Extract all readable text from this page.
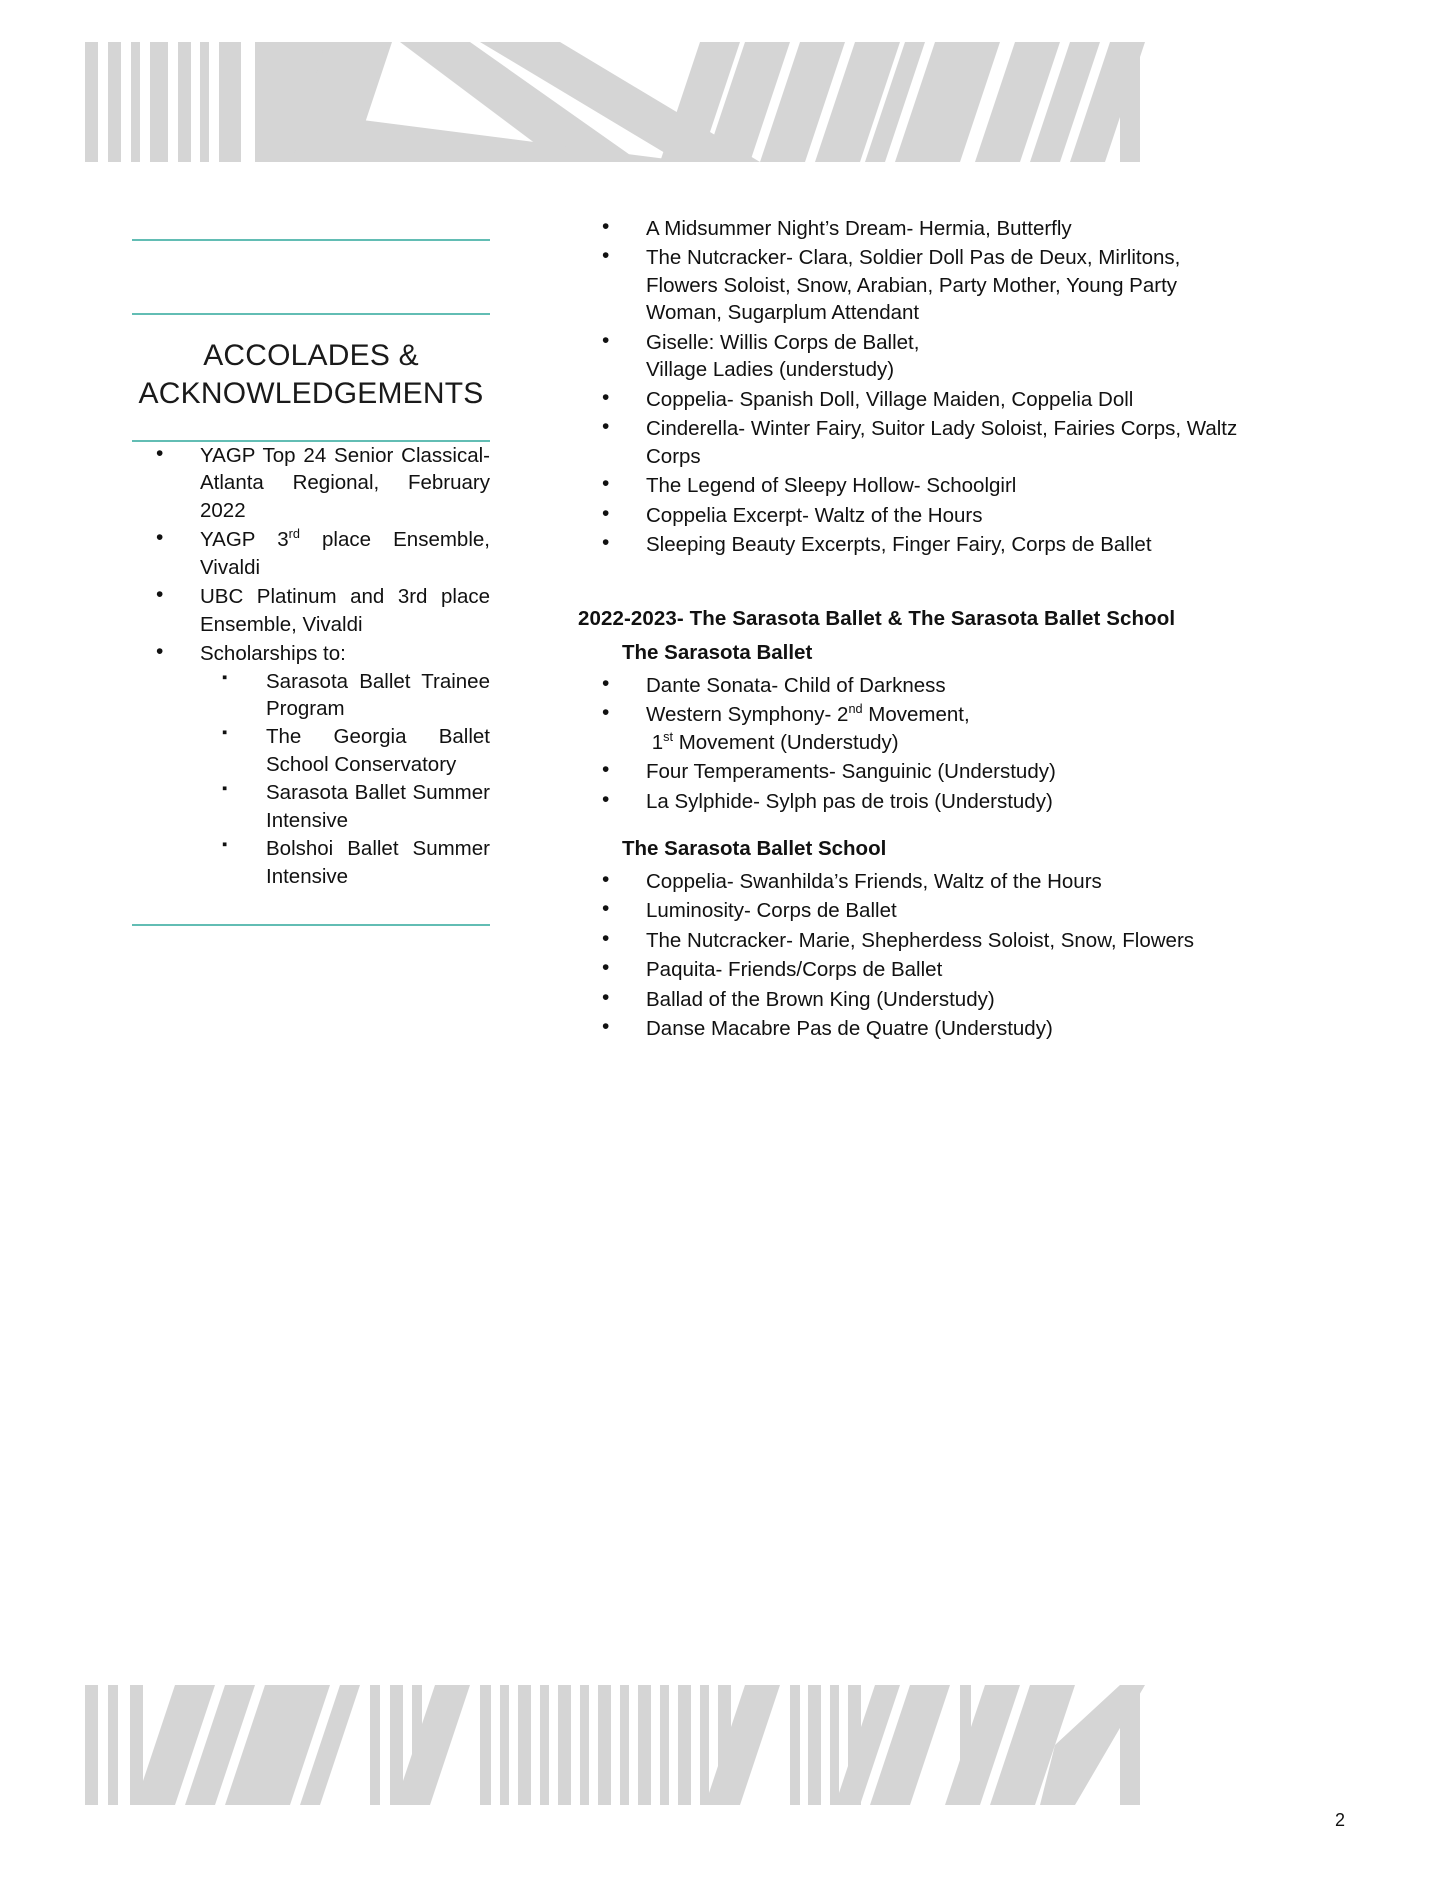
ACCOLADES & ACKNOWLEDGEMENTS
• YAGP Top 24 Senior Classical- Atlanta Regional, February 2022
• YAGP 3rd place Ensemble, Vivaldi
• UBC Platinum and 3rd place Ensemble, Vivaldi
• Scholarships to:
▪ Sarasota Ballet Trainee Program
▪ The Georgia Ballet School Conservatory
▪ Sarasota Ballet Summer Intensive
▪ Bolshoi Ballet Summer Intensive
• A Midsummer Night’s Dream- Hermia, Butterfly
• The Nutcracker- Clara, Soldier Doll Pas de Deux, Mirlitons,
Flowers Soloist, Snow, Arabian, Party Mother, Young Party
Woman, Sugarplum Attendant
• Giselle: Willis Corps de Ballet,
Village Ladies (understudy)
• Coppelia- Spanish Doll, Village Maiden, Coppelia Doll
• Cinderella- Winter Fairy, Suitor Lady Soloist, Fairies Corps, Waltz
Corps
• The Legend of Sleepy Hollow- Schoolgirl
• Coppelia Excerpt- Waltz of the Hours
• Sleeping Beauty Excerpts, Finger Fairy, Corps de Ballet
2022-2023- The Sarasota Ballet & The Sarasota Ballet School
The Sarasota Ballet
• Dante Sonata- Child of Darkness
• Western Symphony- 2nd Movement,
1st Movement (Understudy)
• Four Temperaments- Sanguinic (Understudy)
• La Sylphide- Sylph pas de trois (Understudy)
The Sarasota Ballet School
• Coppelia- Swanhilda’s Friends, Waltz of the Hours
• Luminosity- Corps de Ballet
• The Nutcracker- Marie, Shepherdess Soloist, Snow, Flowers
• Paquita- Friends/Corps de Ballet
• Ballad of the Brown King (Understudy)
• Danse Macabre Pas de Quatre (Understudy)
2
